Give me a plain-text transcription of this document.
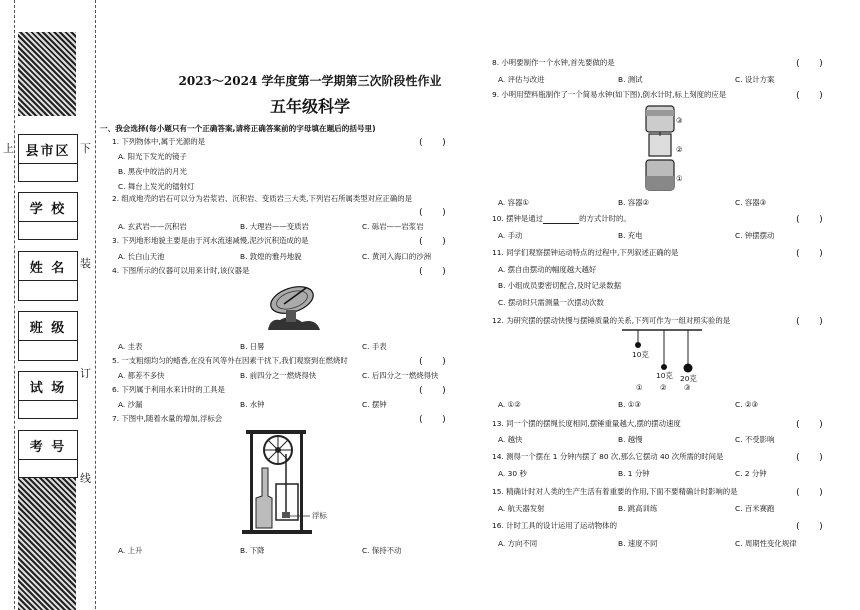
上	下
装
订
线
县市区
学 校
姓 名
班 级
试 场
考 号
2023～2024 学年度第一学期第三次阶段性作业
五年级科学
一、我会选择(每小题只有一个正确答案,请将正确答案前的字母填在题后的括号里)
1. 下列物体中,属于光源的是	(　　)
A. 阳光下发光的镜子
B. 黑夜中皎洁的月光
C. 舞台上发光的镭射灯
2. 组成地壳的岩石可以分为岩浆岩、沉积岩、变质岩三大类,下列岩石所属类型对应正确的是
(　　)
A. 玄武岩——沉积岩	B. 大理岩——变质岩	C. 砾岩——岩浆岩
3. 下列地形地貌主要是由于河水流速减慢,泥沙沉积造成的是	(　　)
A. 长白山天池	B. 敦煌的雅丹地貌	C. 黄河入海口的沙洲
4. 下图所示的仪器可以用来计时,该仪器是	(　　)
A. 圭表	B. 日晷	C. 手表
5. 一支粗细均匀的蜡香,在没有风等外在因素干扰下,我们观察到在燃烧时	(　　)
A. 都差不多快	B. 前四分之一燃烧得快	C. 后四分之一燃烧得快
6. 下列属于利用水来计时的工具是	(　　)
A. 沙漏	B. 水钟	C. 摆钟
7. 下图中,随着水量的增加,浮标会	(　　)
浮标
A. 上升	B. 下降	C. 保持不动
8. 小明要制作一个水钟,首先要做的是	(　　)
A. 评估与改进	B. 测试	C. 设计方案
9. 小明用塑料瓶制作了一个简易水钟(如下图),倒水计时,标上刻度的应是	(　　)
③
②
①
A. 容器①	B. 容器②	C. 容器③
10. 摆钟是通过	的方式计时的。	(　　)
A. 手动	B. 充电	C. 钟摆摆动
11. 同学们观察摆钟运动特点的过程中,下列叙述正确的是	(　　)
A. 摆自由摆动的幅度越大越好
B. 小组成员要密切配合,及时记录数据
C. 摆动时只需测量一次摆动次数
12. 为研究摆的摆动快慢与摆锤质量的关系,下列可作为一组对照实验的是	(　　)
10克
10克 20克
① ② ③
A. ①②	B. ①③	C. ②③
13. 同一个摆的摆绳长度相同,摆锤重量越大,摆的摆动速度	(　　)
A. 越快	B. 越慢	C. 不受影响
14. 测得一个摆在 1 分钟内摆了 80 次,那么它摆动 40 次所需的时间是	(　　)
A. 30 秒	B. 1 分钟	C. 2 分钟
15. 精确计时对人类的生产生活有着重要的作用,下面不要精确计时影响的是	(　　)
A. 航天器发射	B. 跳高训练	C. 百米赛跑
16. 计时工具的设计运用了运动物体的	(　　)
A. 方向不同	B. 速度不同	C. 周期性变化规律
